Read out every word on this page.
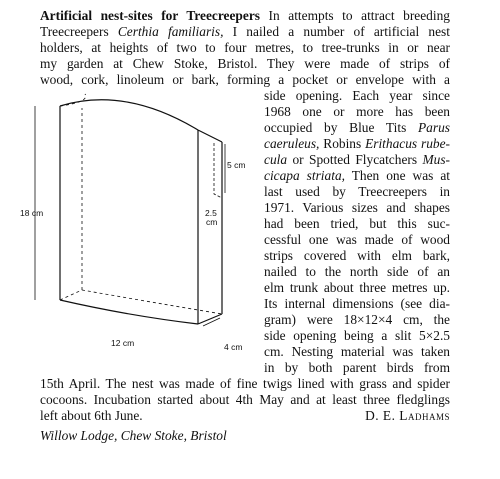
Artificial nest-sites for Treecreepers In attempts to attract breeding
Treecreepers Certhia familiaris, I nailed a number of artificial nest
holders, at heights of two to four metres, to tree-trunks in or near
my garden at Chew Stoke, Bristol. They were made of strips of
wood, cork, linoleum or bark, forming a pocket or envelope with a
side opening. Each year since
1968 one or more has been
occupied by Blue Tits Parus
caeruleus, Robins Erithacus rube-
cula or Spotted Flycatchers Mus-
cicapa striata, Then one was at
last used by Treecreepers in
1971. Various sizes and shapes
had been tried, but this suc-
cessful one was made of wood
strips covered with elm bark,
nailed to the north side of an
elm trunk about three metres up.
Its internal dimensions (see dia-
gram) were 18×12×4 cm, the
side opening being a slit 5×2.5
cm. Nesting material was taken
in by both parent birds from
15th April. The nest was made of fine twigs lined with grass and spider
cocoons. Incubation started about 4th May and at least three fledglings
left about 6th June.	D. E. Ladhams
Willow Lodge, Chew Stoke, Bristol
18 cm
12 cm	4 cm
5 cm
2.5
cm
